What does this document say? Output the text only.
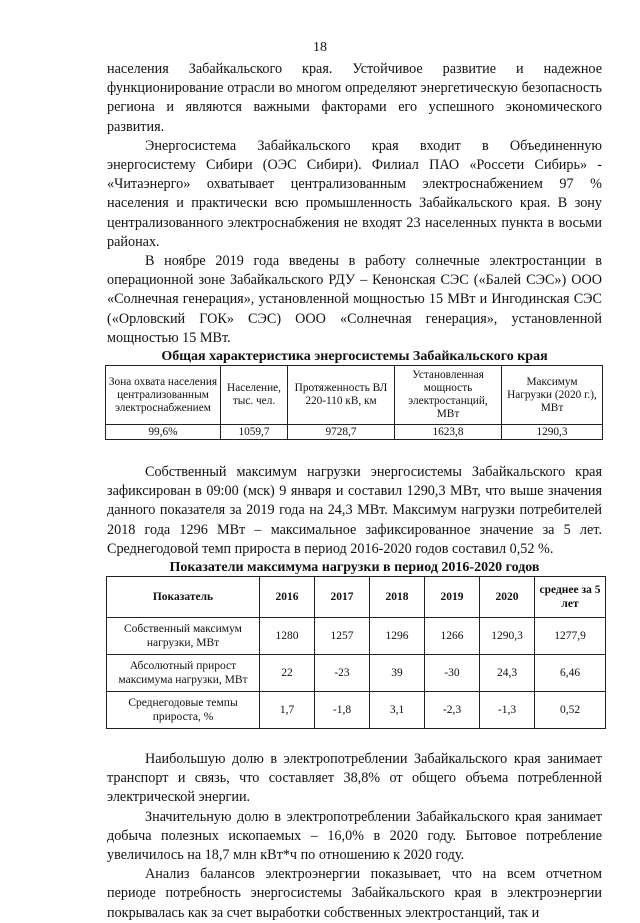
18

населения Забайкальского края. Устойчивое развитие и надежное функционирование отрасли во многом определяют энергетическую безопасность региона и являются важными факторами его успешного экономического развития.

Энергосистема Забайкальского края входит в Объединенную энергосистему Сибири (ОЭС Сибири). Филиал ПАО «Россети Сибирь» - «Читаэнерго» охватывает централизованным электроснабжением 97 % населения и практически всю промышленность Забайкальского края. В зону централизованного электроснабжения не входят 23 населенных пункта в восьми районах.

В ноябре 2019 года введены в работу солнечные электростанции в операционной зоне Забайкальского РДУ – Кенонская СЭС («Балей СЭС») ООО «Солнечная генерация», установленной мощностью 15 МВт и Ингодинская СЭС («Орловский ГОК» СЭС) ООО «Солнечная генерация», установленной мощностью 15 МВт.

Общая характеристика энергосистемы Забайкальского края

Зона охвата населения централизованным электроснабжением	Население, тыс. чел.	Протяженность ВЛ 220-110 кВ, км	Установленная мощность электростанций, МВт	Максимум Нагрузки (2020 г.), МВт
99,6%	1059,7	9728,7	1623,8	1290,3

Собственный максимум нагрузки энергосистемы Забайкальского края зафиксирован в 09:00 (мск) 9 января и составил 1290,3 МВт, что выше значения данного показателя за 2019 года на 24,3 МВт. Максимум нагрузки потребителей 2018 года 1296 МВт – максимальное зафиксированное значение за 5 лет. Среднегодовой темп прироста в период 2016-2020 годов составил 0,52 %.

Показатели максимума нагрузки в период 2016-2020 годов

Показатель	2016	2017	2018	2019	2020	среднее за 5 лет
Собственный максимум нагрузки, МВт	1280	1257	1296	1266	1290,3	1277,9
Абсолютный прирост максимума нагрузки, МВт	22	-23	39	-30	24,3	6,46
Среднегодовые темпы прироста, %	1,7	-1,8	3,1	-2,3	-1,3	0,52

Наибольшую долю в электропотреблении Забайкальского края занимает транспорт и связь, что составляет 38,8% от общего объема потребленной электрической энергии.

Значительную долю в электропотреблении Забайкальского края занимает добыча полезных ископаемых – 16,0% в 2020 году. Бытовое потребление увеличилось на 18,7 млн кВт*ч по отношению к 2020 году.

Анализ балансов электроэнергии показывает, что на всем отчетном периоде потребность энергосистемы Забайкальского края в электроэнергии покрывалась как за счет выработки собственных электростанций, так и
